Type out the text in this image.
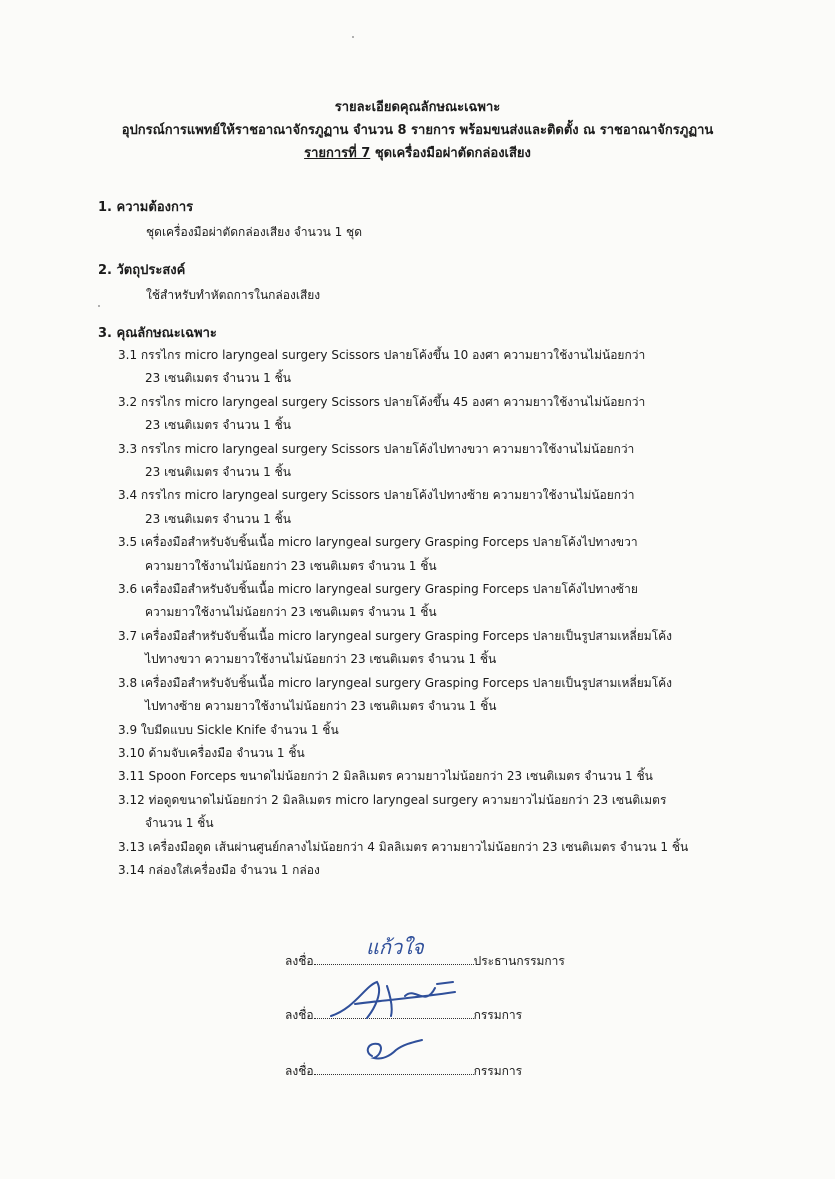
รายละเอียดคุณลักษณะเฉพาะ
อุปกรณ์การแพทย์ให้ราชอาณาจักรภูฏาน จำนวน 8 รายการ พร้อมขนส่งและติดตั้ง ณ ราชอาณาจักรภูฏาน
รายการที่ 7 ชุดเครื่องมือผ่าตัดกล่องเสียง
1. ความต้องการ
ชุดเครื่องมือผ่าตัดกล่องเสียง จำนวน 1 ชุด
2. วัตถุประสงค์
ใช้สำหรับทำหัตถการในกล่องเสียง
3. คุณลักษณะเฉพาะ
3.1 กรรไกร micro laryngeal surgery Scissors ปลายโค้งขึ้น 10 องศา ความยาวใช้งานไม่น้อยกว่า
23 เซนติเมตร จำนวน 1 ชิ้น
3.2 กรรไกร micro laryngeal surgery Scissors ปลายโค้งขึ้น 45 องศา ความยาวใช้งานไม่น้อยกว่า
23 เซนติเมตร จำนวน 1 ชิ้น
3.3 กรรไกร micro laryngeal surgery Scissors ปลายโค้งไปทางขวา ความยาวใช้งานไม่น้อยกว่า
23 เซนติเมตร จำนวน 1 ชิ้น
3.4 กรรไกร micro laryngeal surgery Scissors ปลายโค้งไปทางซ้าย ความยาวใช้งานไม่น้อยกว่า
23 เซนติเมตร จำนวน 1 ชิ้น
3.5 เครื่องมือสำหรับจับชิ้นเนื้อ micro laryngeal surgery Grasping Forceps ปลายโค้งไปทางขวา
ความยาวใช้งานไม่น้อยกว่า 23 เซนติเมตร จำนวน 1 ชิ้น
3.6 เครื่องมือสำหรับจับชิ้นเนื้อ micro laryngeal surgery Grasping Forceps ปลายโค้งไปทางซ้าย
ความยาวใช้งานไม่น้อยกว่า 23 เซนติเมตร จำนวน 1 ชิ้น
3.7 เครื่องมือสำหรับจับชิ้นเนื้อ micro laryngeal surgery Grasping Forceps ปลายเป็นรูปสามเหลี่ยมโค้ง
ไปทางขวา ความยาวใช้งานไม่น้อยกว่า 23 เซนติเมตร จำนวน 1 ชิ้น
3.8 เครื่องมือสำหรับจับชิ้นเนื้อ micro laryngeal surgery Grasping Forceps ปลายเป็นรูปสามเหลี่ยมโค้ง
ไปทางซ้าย ความยาวใช้งานไม่น้อยกว่า 23 เซนติเมตร จำนวน 1 ชิ้น
3.9 ใบมีดแบบ Sickle Knife จำนวน 1 ชิ้น
3.10 ด้ามจับเครื่องมือ จำนวน 1 ชิ้น
3.11 Spoon Forceps ขนาดไม่น้อยกว่า 2 มิลลิเมตร ความยาวไม่น้อยกว่า 23 เซนติเมตร จำนวน 1 ชิ้น
3.12 ท่อดูดขนาดไม่น้อยกว่า 2 มิลลิเมตร micro laryngeal surgery ความยาวไม่น้อยกว่า 23 เซนติเมตร
จำนวน 1 ชิ้น
3.13 เครื่องมือดูด เส้นผ่านศูนย์กลางไม่น้อยกว่า 4 มิลลิเมตร ความยาวไม่น้อยกว่า 23 เซนติเมตร จำนวน 1 ชิ้น
3.14 กล่องใส่เครื่องมือ จำนวน 1 กล่อง
ลงชื่อ	ประธานกรรมการ
แก้วใจ
ลงชื่อ	กรรมการ
ลงชื่อ	กรรมการ
